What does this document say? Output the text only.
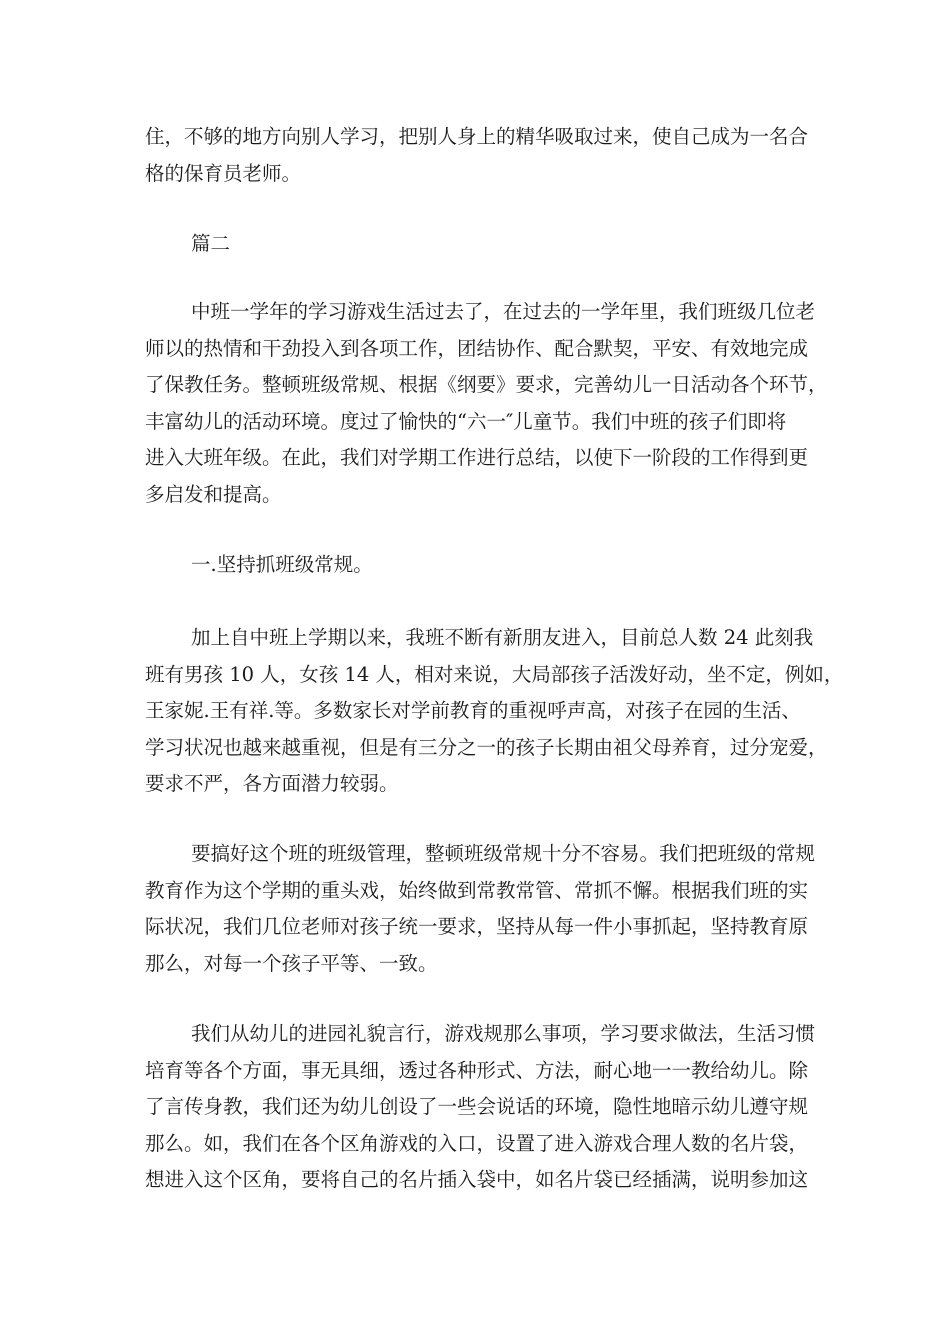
住，不够的地方向别人学习，把别人身上的精华吸取过来，使自己成为一名合
格的保育员老师。
篇二
中班一学年的学习游戏生活过去了，在过去的一学年里，我们班级几位老
师以的热情和干劲投入到各项工作，团结协作、配合默契，平安、有效地完成
了保教任务。整顿班级常规、根据《纲要》要求，完善幼儿一日活动各个环节，
丰富幼儿的活动环境。度过了愉快的“六一″儿童节。我们中班的孩子们即将
进入大班年级。在此，我们对学期工作进行总结，以使下一阶段的工作得到更
多启发和提高。
一.坚持抓班级常规。
加上自中班上学期以来，我班不断有新朋友进入，目前总人数 24 此刻我
班有男孩 10 人，女孩 14 人，相对来说，大局部孩子活泼好动，坐不定，例如，
王家妮.王有祥.等。多数家长对学前教育的重视呼声高，对孩子在园的生活、
学习状况也越来越重视，但是有三分之一的孩子长期由祖父母养育，过分宠爱，
要求不严，各方面潜力较弱。
要搞好这个班的班级管理，整顿班级常规十分不容易。我们把班级的常规
教育作为这个学期的重头戏，始终做到常教常管、常抓不懈。根据我们班的实
际状况，我们几位老师对孩子统一要求，坚持从每一件小事抓起，坚持教育原
那么，对每一个孩子平等、一致。
我们从幼儿的进园礼貌言行，游戏规那么事项，学习要求做法，生活习惯
培育等各个方面，事无具细，透过各种形式、方法，耐心地一一教给幼儿。除
了言传身教，我们还为幼儿创设了一些会说话的环境，隐性地暗示幼儿遵守规
那么。如，我们在各个区角游戏的入口，设置了进入游戏合理人数的名片袋，
想进入这个区角，要将自己的名片插入袋中，如名片袋已经插满，说明参加这
